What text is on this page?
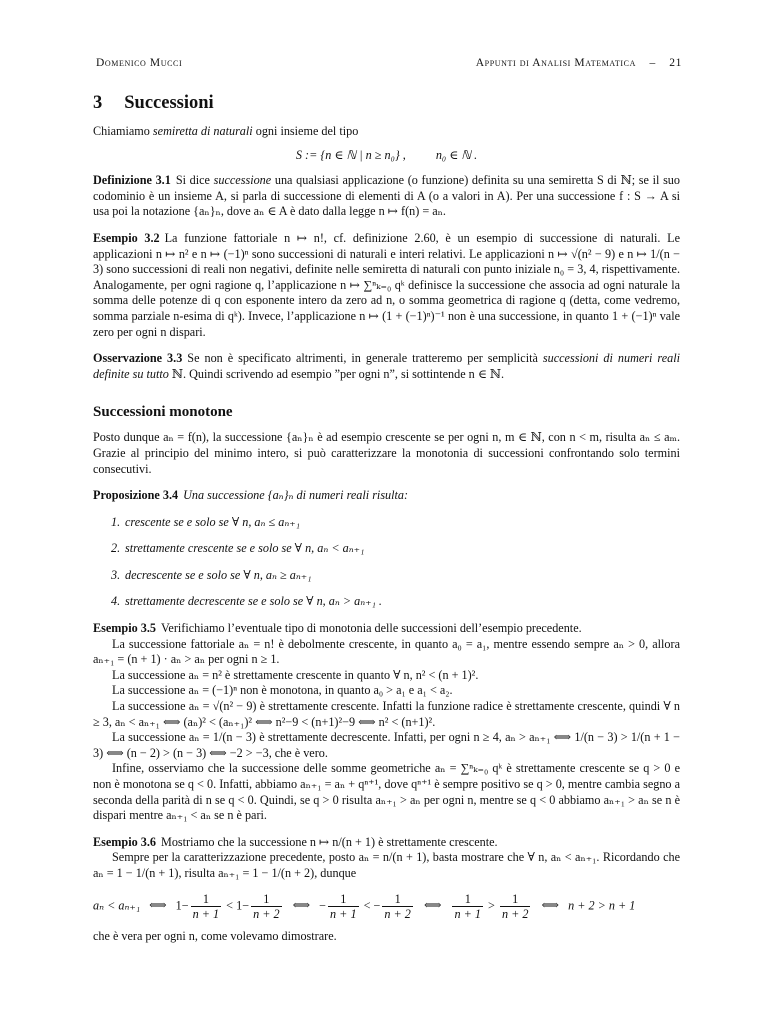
Domenico Mucci	Appunti di Analisi Matematica – 21
3 Successioni

Chiamiamo semiretta di naturali ogni insieme del tipo

S := {n ∈ ℕ | n ≥ n₀} , n₀ ∈ ℕ .

Definizione 3.1 Si dice successione una qualsiasi applicazione (o funzione) definita su una semiretta S di ℕ; se il suo codominio è un insieme A, si parla di successione di elementi di A (o a valori in A). Per una successione f : S → A si usa poi la notazione {aₙ}ₙ, dove aₙ ∈ A è dato dalla legge n ↦ f(n) = aₙ.

Esempio 3.2 La funzione fattoriale n ↦ n!, cf. definizione 2.60, è un esempio di successione di naturali. Le applicazioni n ↦ n² e n ↦ (−1)ⁿ sono successioni di naturali e interi relativi. Le applicazioni n ↦ √(n² − 9) e n ↦ 1/(n − 3) sono successioni di reali non negativi, definite nelle semiretta di naturali con punto iniziale n₀ = 3, 4, rispettivamente. Analogamente, per ogni ragione q, l’applicazione n ↦ ∑ⁿₖ₌₀ qᵏ definisce la successione che associa ad ogni naturale la somma delle potenze di q con esponente intero da zero ad n, o somma geometrica di ragione q (detta, come vedremo, somma parziale n-esima di qᵏ). Invece, l’applicazione n ↦ (1 + (−1)ⁿ)⁻¹ non è una successione, in quanto 1 + (−1)ⁿ vale zero per ogni n dispari.

Osservazione 3.3 Se non è specificato altrimenti, in generale tratteremo per semplicità successioni di numeri reali definite su tutto ℕ. Quindi scrivendo ad esempio ”per ogni n”, si sottintende n ∈ ℕ.

Successioni monotone

Posto dunque aₙ = f(n), la successione {aₙ}ₙ è ad esempio crescente se per ogni n, m ∈ ℕ, con n < m, risulta aₙ ≤ aₘ. Grazie al principio del minimo intero, si può caratterizzare la monotonia di successioni confrontando solo termini consecutivi.

Proposizione 3.4 Una successione {aₙ}ₙ di numeri reali risulta:

1. crescente se e solo se ∀ n, aₙ ≤ aₙ₊₁
2. strettamente crescente se e solo se ∀ n, aₙ < aₙ₊₁
3. decrescente se e solo se ∀ n, aₙ ≥ aₙ₊₁
4. strettamente decrescente se e solo se ∀ n, aₙ > aₙ₊₁ .

Esempio 3.5 Verifichiamo l’eventuale tipo di monotonia delle successioni dell’esempio precedente.

La successione fattoriale aₙ = n! è debolmente crescente, in quanto a₀ = a₁, mentre essendo sempre aₙ > 0, allora aₙ₊₁ = (n + 1) · aₙ > aₙ per ogni n ≥ 1.

La successione aₙ = n² è strettamente crescente in quanto ∀ n, n² < (n + 1)².

La successione aₙ = (−1)ⁿ non è monotona, in quanto a₀ > a₁ e a₁ < a₂.

La successione aₙ = √(n² − 9) è strettamente crescente. Infatti la funzione radice è strettamente crescente, quindi ∀ n ≥ 3, aₙ < aₙ₊₁ ⟺ (aₙ)² < (aₙ₊₁)² ⟺ n²−9 < (n+1)²−9 ⟺ n² < (n+1)².

La successione aₙ = 1/(n − 3) è strettamente decrescente. Infatti, per ogni n ≥ 4, aₙ > aₙ₊₁ ⟺ 1/(n − 3) > 1/(n + 1 − 3) ⟺ (n − 2) > (n − 3) ⟺ −2 > −3, che è vero.

Infine, osserviamo che la successione delle somme geometriche aₙ = ∑ⁿₖ₌₀ qᵏ è strettamente crescente se q > 0 e non è monotona se q < 0. Infatti, abbiamo aₙ₊₁ = aₙ + qⁿ⁺¹, dove qⁿ⁺¹ è sempre positivo se q > 0, mentre cambia segno a seconda della parità di n se q < 0. Quindi, se q > 0 risulta aₙ₊₁ > aₙ per ogni n, mentre se q < 0 abbiamo aₙ₊₁ > aₙ se n è dispari mentre aₙ₊₁ < aₙ se n è pari.

Esempio 3.6 Mostriamo che la successione n ↦ n/(n + 1) è strettamente crescente.

Sempre per la caratterizzazione precedente, posto aₙ = n/(n + 1), basta mostrare che ∀ n, aₙ < aₙ₊₁. Ricordando che aₙ = 1 − 1/(n + 1), risulta aₙ₊₁ = 1 − 1/(n + 2), dunque

aₙ < aₙ₊₁ ⟺ $1- \frac{1}{n + 1} < 1- \frac{1}{n + 2}$ ⟺ − $\frac{1}{n + 1}$ < − $\frac{1}{n + 2}$ ⟺ $\frac{1}{n + 1} > \frac{1}{n + 2}$ ⟺ n + 2 > n + 1

che è vera per ogni n, come volevamo dimostrare.
